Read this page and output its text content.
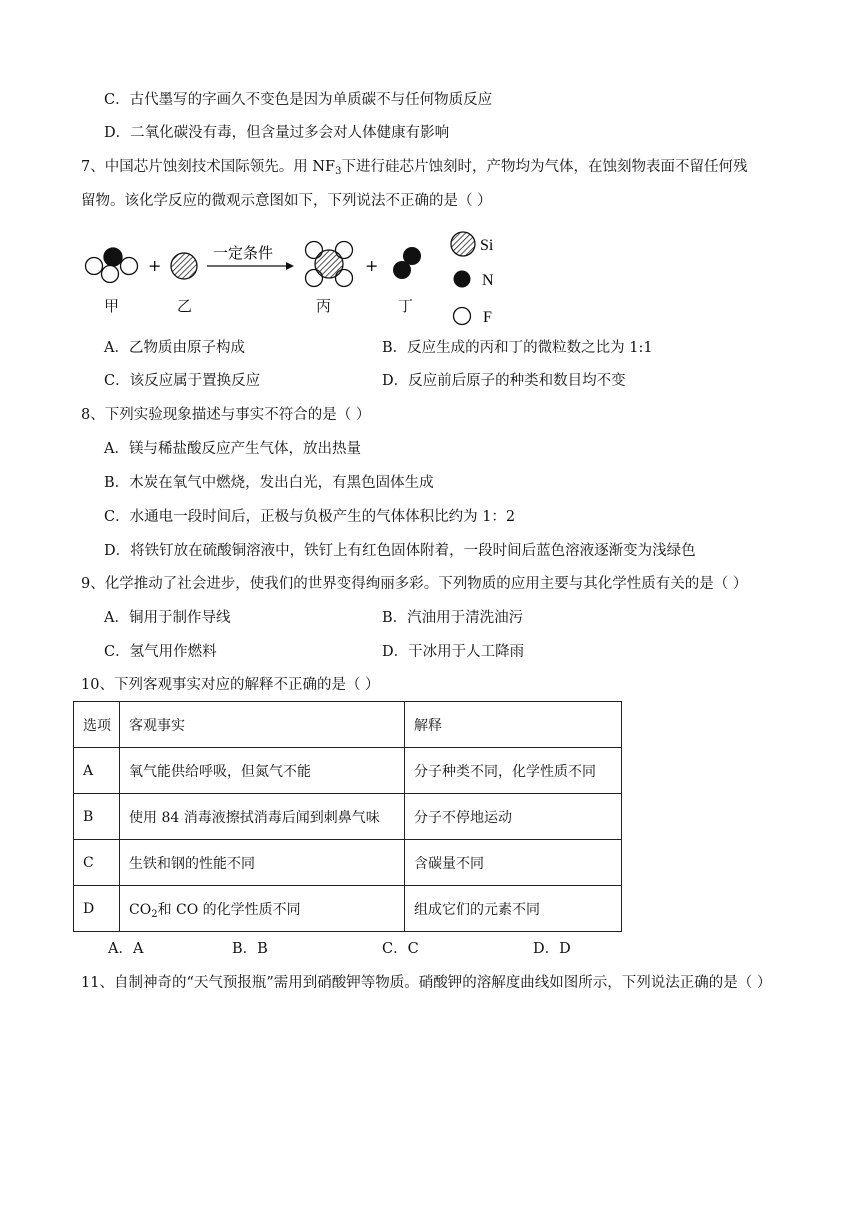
C．古代墨写的字画久不变色是因为单质碳不与任何物质反应
D．二氧化碳没有毒，但含量过多会对人体健康有影响
7、中国芯片蚀刻技术国际领先。用 $NF_3$下进行硅芯片蚀刻时，产物均为气体，在蚀刻物表面不留任何残
留物。该化学反应的微观示意图如下，下列说法不正确的是（ ）
+
一定条件
+
Si
N
F
甲	乙	丙	丁
A．乙物质由原子构成	B．反应生成的丙和丁的微粒数之比为 1:1
C．该反应属于置换反应	D．反应前后原子的种类和数目均不变
8、下列实验现象描述与事实不符合的是（ ）
A．镁与稀盐酸反应产生气体，放出热量
B．木炭在氧气中燃烧，发出白光，有黑色固体生成
C．水通电一段时间后，正极与负极产生的气体体积比约为 1：2
D．将铁钉放在硫酸铜溶液中，铁钉上有红色固体附着，一段时间后蓝色溶液逐渐变为浅绿色
9、化学推动了社会进步，使我们的世界变得绚丽多彩。下列物质的应用主要与其化学性质有关的是（ ）
A．铜用于制作导线	B．汽油用于清洗油污
C．氢气用作燃料	D．干冰用于人工降雨
10、下列客观事实对应的解释不正确的是（ ）
选项	客观事实	解释
A	氧气能供给呼吸，但氮气不能	分子种类不同，化学性质不同
B	使用 84 消毒液擦拭消毒后闻到刺鼻气味	分子不停地运动
C	生铁和钢的性能不同	含碳量不同
D	$CO_2$和 CO 的化学性质不同	组成它们的元素不同
A．A	B．B	C．C	D．D
11、自制神奇的“天气预报瓶”需用到硝酸钾等物质。硝酸钾的溶解度曲线如图所示，下列说法正确的是（ ）
